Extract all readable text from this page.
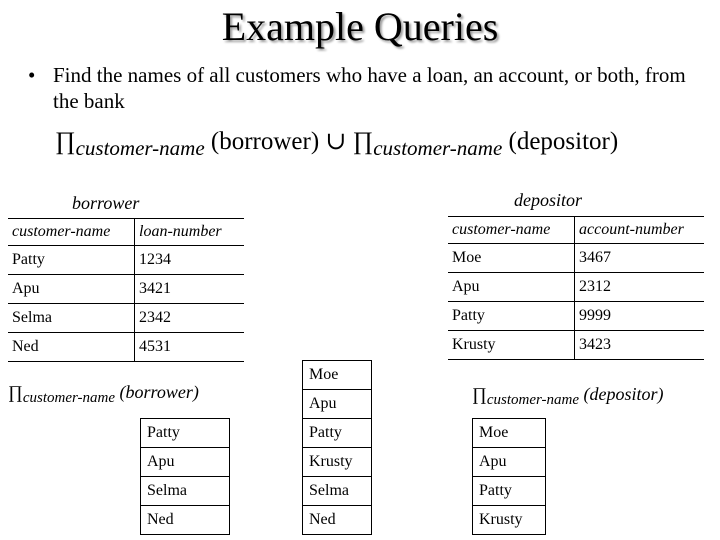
Example Queries
• Find the names of all customers who have a loan, an account, or both, from the bank
$\prod_{customer-name}$ (borrower) ∪ $\prod_{customer-name}$ (depositor)
borrower
customer-name	loan-number
Patty	1234
Apu	3421
Selma	2342
Ned	4531
depositor
customer-name	account-number
Moe	3467
Apu	2312
Patty	9999
Krusty	3423
$\prod_{customer-name}$ (borrower)
Patty
Apu
Selma
Ned
Moe
Apu
Patty
Krusty
Selma
Ned
$\prod_{customer-name}$ (depositor)
Moe
Apu
Patty
Krusty
